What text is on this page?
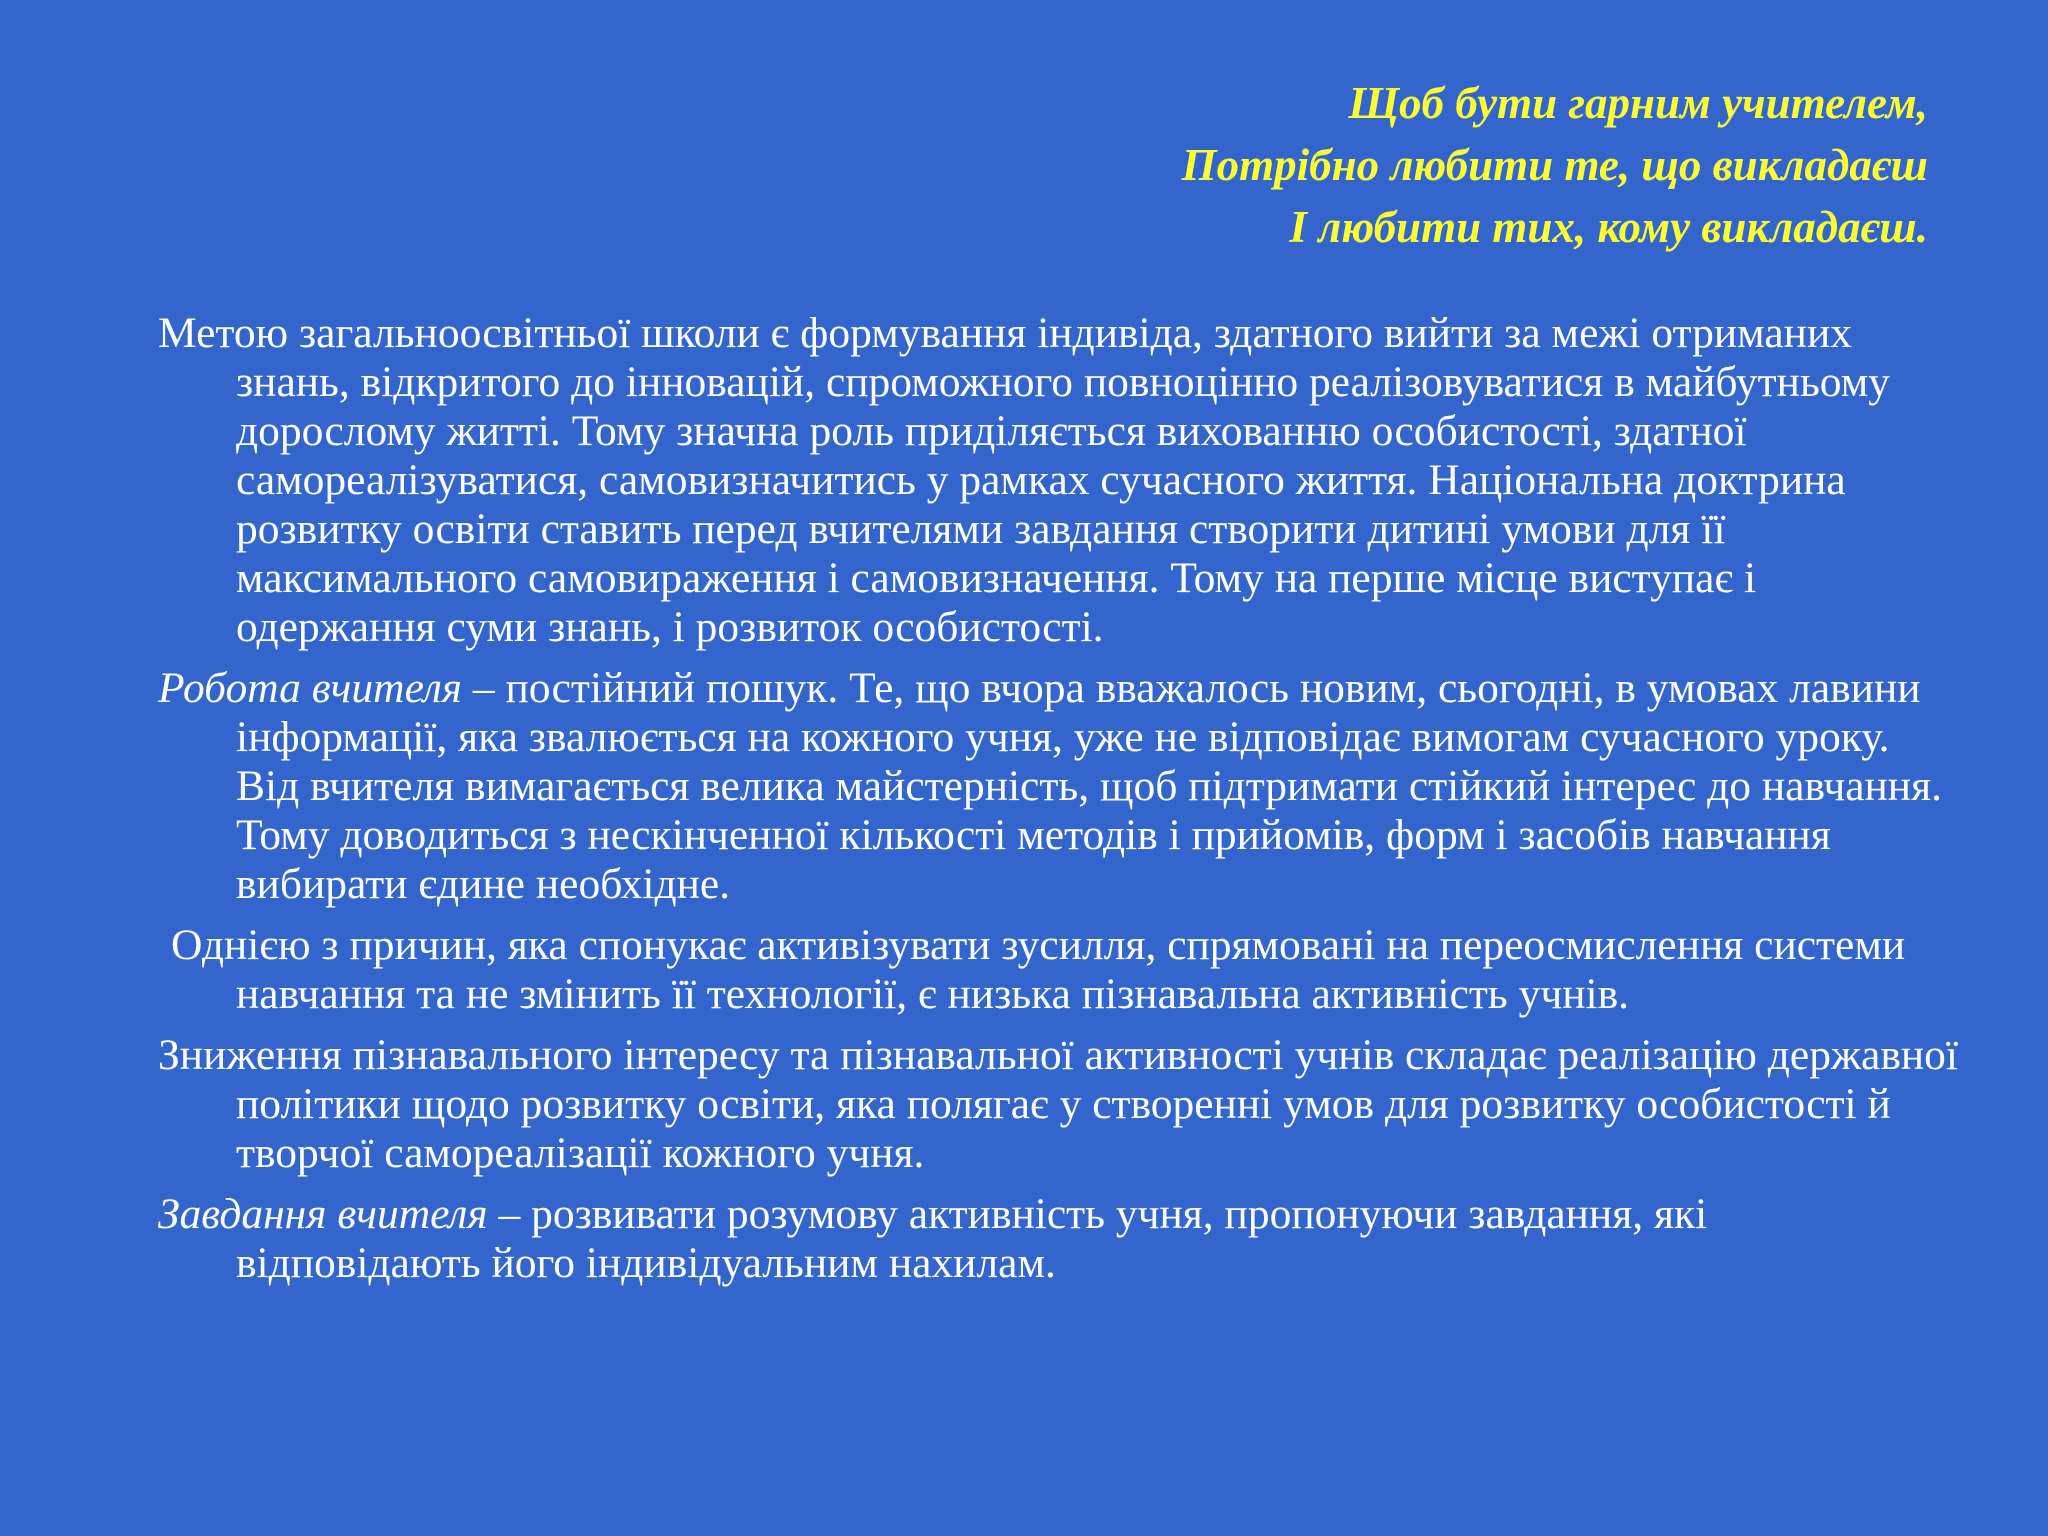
Щоб бути гарним учителем,
Потрібно любити те, що викладаєш
І любити тих, кому викладаєш.

Метою загальноосвітньої школи є формування індивіда, здатного вийти за межі отриманих знань, відкритого до інновацій, спроможного повноцінно реалізовуватися в майбутньому дорослому житті. Тому значна роль приділяється вихованню особистості, здатної самореалізуватися, самовизначитись у рамках сучасного життя. Національна доктрина розвитку освіти ставить перед вчителями завдання створити дитині умови для її максимального самовираження і самовизначення. Тому на перше місце виступає і одержання суми знань, і розвиток особистості.

Робота вчителя – постійний пошук. Те, що вчора вважалось новим, сьогодні, в умовах лавини інформації, яка звалюється на кожного учня, уже не відповідає вимогам сучасного уроку. Від вчителя вимагається велика майстерність, щоб підтримати стійкий інтерес до навчання. Тому доводиться з нескінченної кількості методів і прийомів, форм і засобів навчання вибирати єдине необхідне.

Однією з причин, яка спонукає активізувати зусилля, спрямовані на переосмислення системи навчання та не змінить її технології, є низька пізнавальна активність учнів.

Зниження пізнавального інтересу та пізнавальної активності учнів складає реалізацію державної політики щодо розвитку освіти, яка полягає у створенні умов для розвитку особистості й творчої самореалізації кожного учня.

Завдання вчителя – розвивати розумову активність учня, пропонуючи завдання, які відповідають його індивідуальним нахилам.
